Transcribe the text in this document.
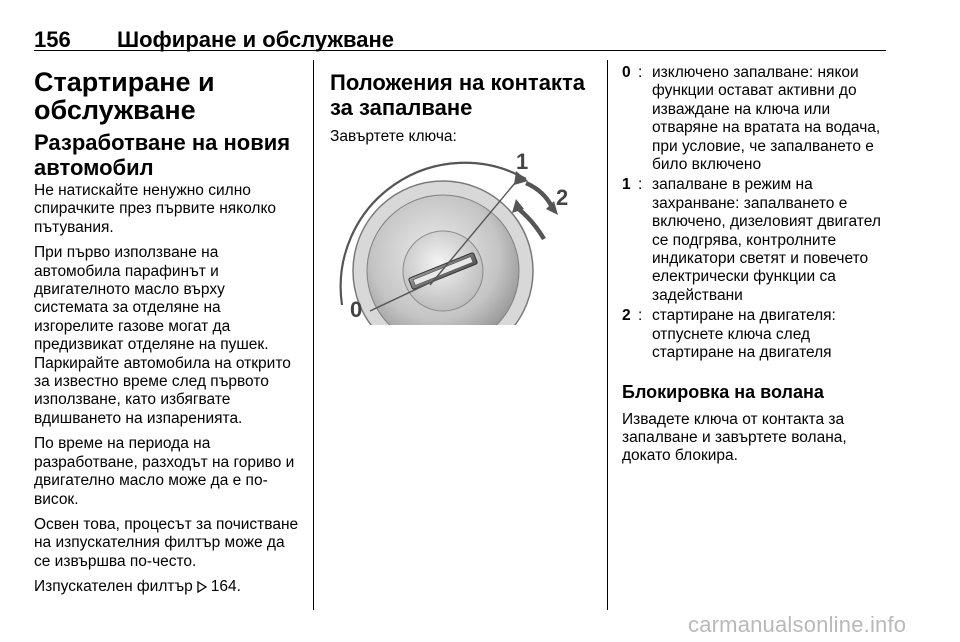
156 Шофиране и обслужване
Стартиране и обслужване
Разработване на новия автомобил

Не натискайте ненужно силно спирачките през първите няколко пътувания.

При първо използване на автомобила парафинът и двигателното масло върху системата за отделяне на изгорелите газове могат да предизвикат отделяне на пушек. Паркирайте автомобила на открито за известно време след първото използване, като избягвате вдишването на изпаренията.

По време на периода на разработване, разходът на гориво и двигателно масло може да е по-висок.

Освен това, процесът за почистване на изпускателния филтър може да се извършва по-често.

Изпускателен филтър 164.

Положения на контакта за запалване

Завъртете ключа:

0
1
2
0 : изключено запалване: някои функции остават активни до изваждане на ключа или отваряне на вратата на водача, при условие, че запалването е било включено
1 : запалване в режим на захранване: запалването е включено, дизеловият двигател се подгрява, контролните индикатори светят и повечето електрически функции са задействани
2 : стартиране на двигателя: отпуснете ключа след стартиране на двигателя
Блокировка на волана

Извадете ключа от контакта за запалване и завъртете волана, докато блокира.

carmanualsonline.info
